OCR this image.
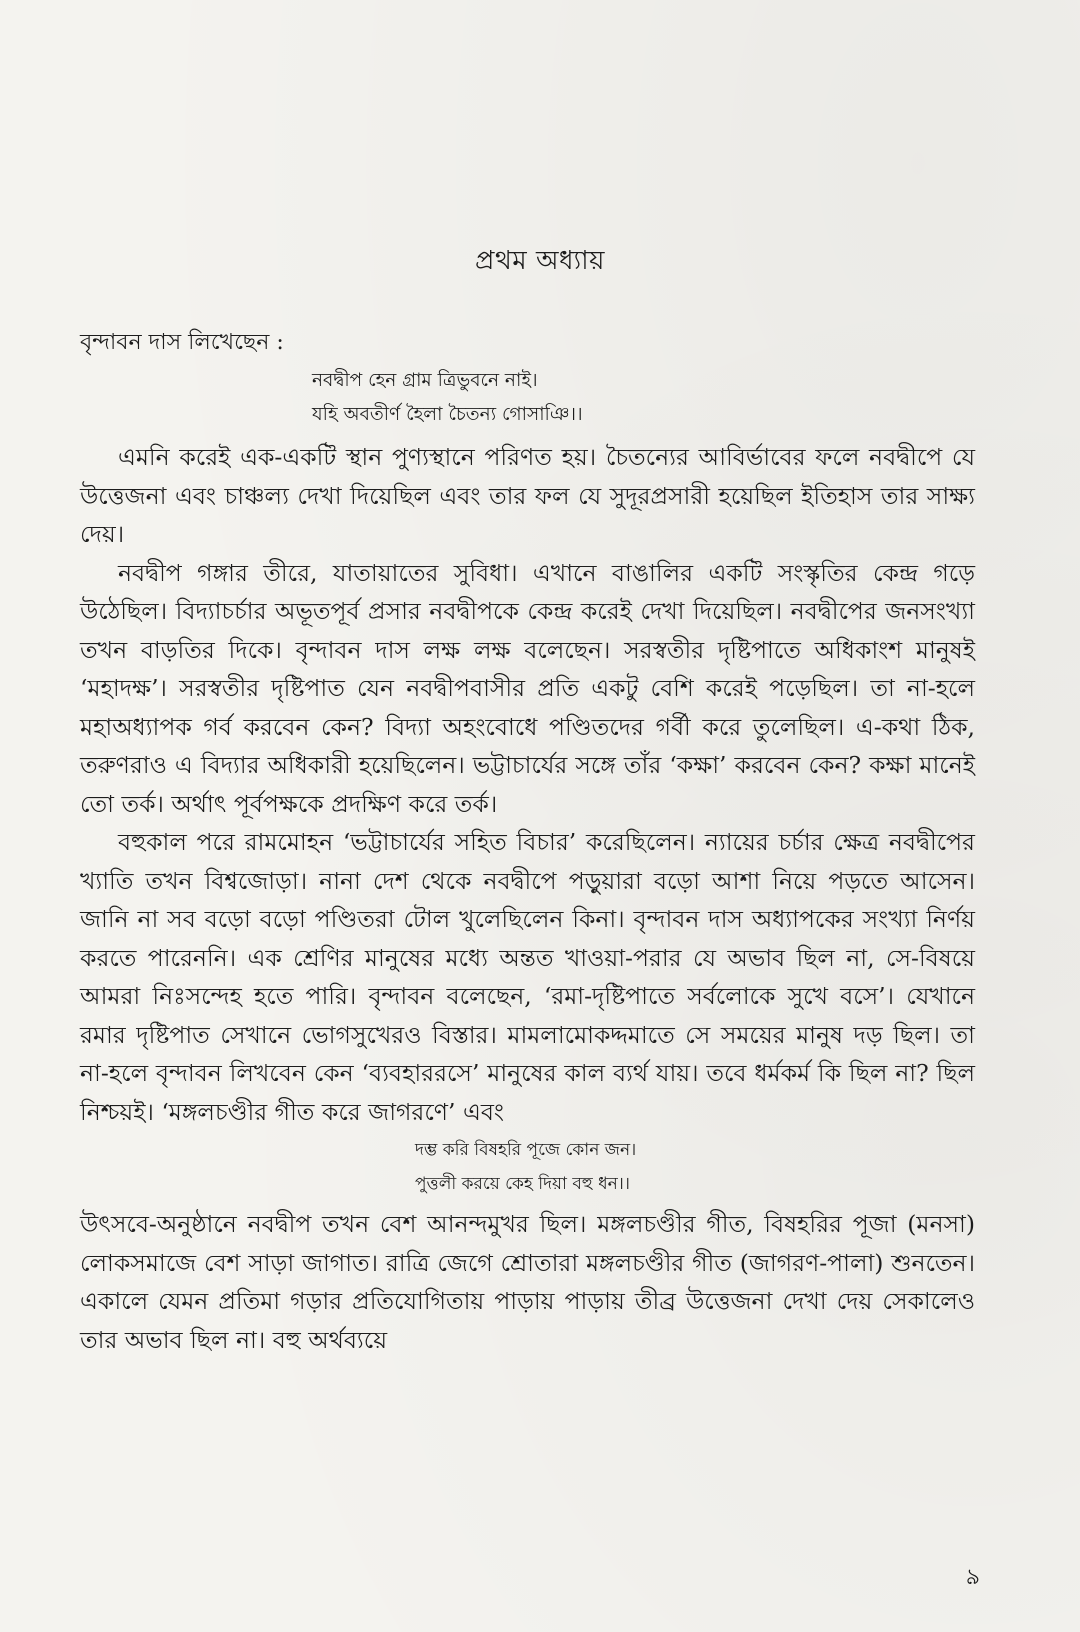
প্রথম অধ্যায়

বৃন্দাবন দাস লিখেছেন :

নবদ্বীপ হেন গ্রাম ত্রিভুবনে নাই।
যহি অবতীর্ণ হৈলা চৈতন্য গোসাঞি।।

এমনি করেই এক-একটি স্থান পুণ্যস্থানে পরিণত হয়। চৈতন্যের আবির্ভাবের ফলে নবদ্বীপে যে উত্তেজনা এবং চাঞ্চল্য দেখা দিয়েছিল এবং তার ফল যে সুদূরপ্রসারী হয়েছিল ইতিহাস তার সাক্ষ্য দেয়।

নবদ্বীপ গঙ্গার তীরে, যাতায়াতের সুবিধা। এখানে বাঙালির একটি সংস্কৃতির কেন্দ্র গড়ে উঠেছিল। বিদ্যাচর্চার অভূতপূর্ব প্রসার নবদ্বীপকে কেন্দ্র করেই দেখা দিয়েছিল। নবদ্বীপের জনসংখ্যা তখন বাড়তির দিকে। বৃন্দাবন দাস লক্ষ লক্ষ বলেছেন। সরস্বতীর দৃষ্টিপাতে অধিকাংশ মানুষই ‘মহাদক্ষ’। সরস্বতীর দৃষ্টিপাত যেন নবদ্বীপবাসীর প্রতি একটু বেশি করেই পড়েছিল। তা না-হলে মহাঅধ্যাপক গর্ব করবেন কেন? বিদ্যা অহংবোধে পণ্ডিতদের গর্বী করে তুলেছিল। এ-কথা ঠিক, তরুণরাও এ বিদ্যার অধিকারী হয়েছিলেন। ভট্টাচার্যের সঙ্গে তাঁর ‘কক্ষা’ করবেন কেন? কক্ষা মানেই তো তর্ক। অর্থাৎ পূর্বপক্ষকে প্রদক্ষিণ করে তর্ক।

বহুকাল পরে রামমোহন ‘ভট্টাচার্যের সহিত বিচার’ করেছিলেন। ন্যায়ের চর্চার ক্ষেত্র নবদ্বীপের খ্যাতি তখন বিশ্বজোড়া। নানা দেশ থেকে নবদ্বীপে পড়ুয়ারা বড়ো আশা নিয়ে পড়তে আসেন। জানি না সব বড়ো বড়ো পণ্ডিতরা টোল খুলেছিলেন কিনা। বৃন্দাবন দাস অধ্যাপকের সংখ্যা নির্ণয় করতে পারেননি। এক শ্রেণির মানুষের মধ্যে অন্তত খাওয়া-পরার যে অভাব ছিল না, সে-বিষয়ে আমরা নিঃসন্দেহ হতে পারি। বৃন্দাবন বলেছেন, ‘রমা-দৃষ্টিপাতে সর্বলোকে সুখে বসে’। যেখানে রমার দৃষ্টিপাত সেখানে ভোগসুখেরও বিস্তার। মামলামোকদ্দমাতে সে সময়ের মানুষ দড় ছিল। তা না-হলে বৃন্দাবন লিখবেন কেন ‘ব্যবহাররসে’ মানুষের কাল ব্যর্থ যায়। তবে ধর্মকর্ম কি ছিল না? ছিল নিশ্চয়ই। ‘মঙ্গলচণ্ডীর গীত করে জাগরণে’ এবং

দম্ভ করি বিষহরি পূজে কোন জন।
পুত্তলী করয়ে কেহ দিয়া বহু ধন।।

উৎসবে-অনুষ্ঠানে নবদ্বীপ তখন বেশ আনন্দমুখর ছিল। মঙ্গলচণ্ডীর গীত, বিষহরির পূজা (মনসা) লোকসমাজে বেশ সাড়া জাগাত। রাত্রি জেগে শ্রোতারা মঙ্গলচণ্ডীর গীত (জাগরণ-পালা) শুনতেন। একালে যেমন প্রতিমা গড়ার প্রতিযোগিতায় পাড়ায় পাড়ায় তীব্র উত্তেজনা দেখা দেয় সেকালেও তার অভাব ছিল না। বহু অর্থব্যয়ে

৯
